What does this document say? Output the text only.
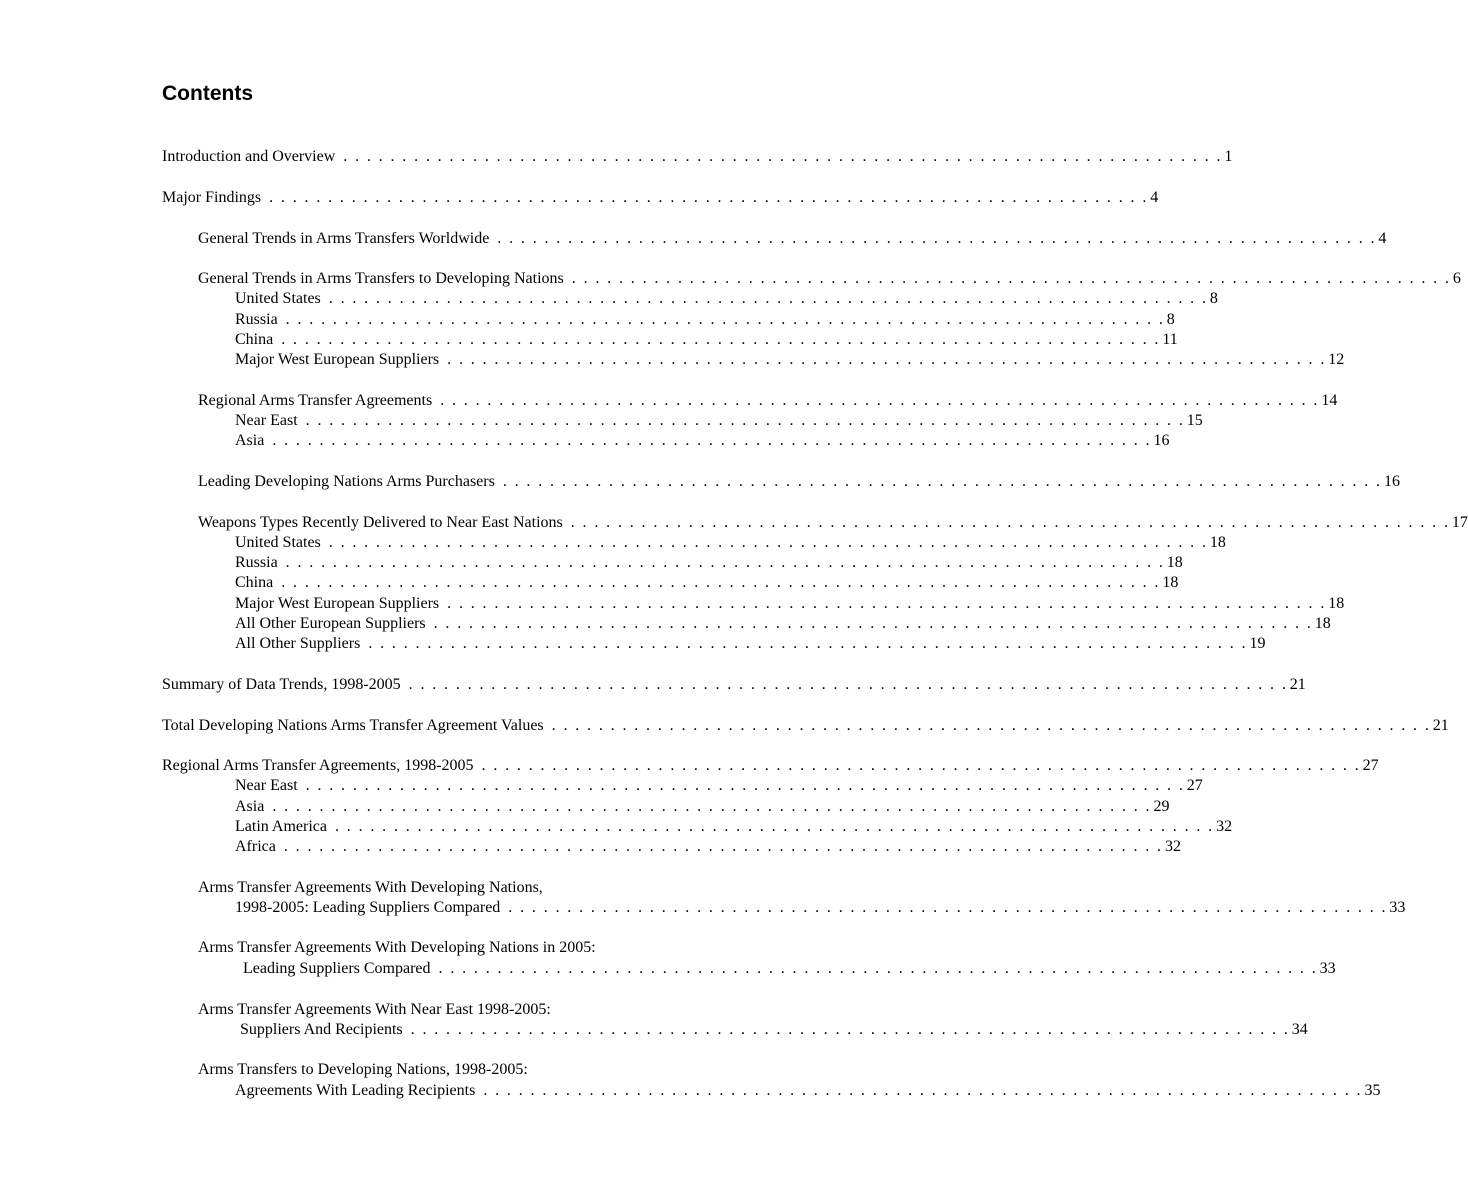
Contents
Introduction and Overview . . . . . . . . . . . . . . . . . . . . . . . . . . . . . . . . . . . . . . . . . . . . . . . . . . . . . . . . . . . . . . . . . . . . . . . . . . . 1
Major Findings . . . . . . . . . . . . . . . . . . . . . . . . . . . . . . . . . . . . . . . . . . . . . . . . . . . . . . . . . . . . . . . . . . . . . . . . . . . 4
General Trends in Arms Transfers Worldwide . . . . . . . . . . . . . . . . . . . . . . . . . . . . . . . . . . . . . . . . . . . . . . . . . . . . . . . . . . . . . . . . . . . . . . . . . . . 4
General Trends in Arms Transfers to Developing Nations . . . . . . . . . . . . . . . . . . . . . . . . . . . . . . . . . . . . . . . . . . . . . . . . . . . . . . . . . . . . . . . . . . . . . . . . . . . 6
United States . . . . . . . . . . . . . . . . . . . . . . . . . . . . . . . . . . . . . . . . . . . . . . . . . . . . . . . . . . . . . . . . . . . . . . . . . . . 8
Russia . . . . . . . . . . . . . . . . . . . . . . . . . . . . . . . . . . . . . . . . . . . . . . . . . . . . . . . . . . . . . . . . . . . . . . . . . . . 8
China . . . . . . . . . . . . . . . . . . . . . . . . . . . . . . . . . . . . . . . . . . . . . . . . . . . . . . . . . . . . . . . . . . . . . . . . . . . 11
Major West European Suppliers . . . . . . . . . . . . . . . . . . . . . . . . . . . . . . . . . . . . . . . . . . . . . . . . . . . . . . . . . . . . . . . . . . . . . . . . . . . 12
Regional Arms Transfer Agreements . . . . . . . . . . . . . . . . . . . . . . . . . . . . . . . . . . . . . . . . . . . . . . . . . . . . . . . . . . . . . . . . . . . . . . . . . . . 14
Near East . . . . . . . . . . . . . . . . . . . . . . . . . . . . . . . . . . . . . . . . . . . . . . . . . . . . . . . . . . . . . . . . . . . . . . . . . . . 15
Asia . . . . . . . . . . . . . . . . . . . . . . . . . . . . . . . . . . . . . . . . . . . . . . . . . . . . . . . . . . . . . . . . . . . . . . . . . . . 16
Leading Developing Nations Arms Purchasers . . . . . . . . . . . . . . . . . . . . . . . . . . . . . . . . . . . . . . . . . . . . . . . . . . . . . . . . . . . . . . . . . . . . . . . . . . . 16
Weapons Types Recently Delivered to Near East Nations . . . . . . . . . . . . . . . . . . . . . . . . . . . . . . . . . . . . . . . . . . . . . . . . . . . . . . . . . . . . . . . . . . . . . . . . . . . 17
United States . . . . . . . . . . . . . . . . . . . . . . . . . . . . . . . . . . . . . . . . . . . . . . . . . . . . . . . . . . . . . . . . . . . . . . . . . . . 18
Russia . . . . . . . . . . . . . . . . . . . . . . . . . . . . . . . . . . . . . . . . . . . . . . . . . . . . . . . . . . . . . . . . . . . . . . . . . . . 18
China . . . . . . . . . . . . . . . . . . . . . . . . . . . . . . . . . . . . . . . . . . . . . . . . . . . . . . . . . . . . . . . . . . . . . . . . . . . 18
Major West European Suppliers . . . . . . . . . . . . . . . . . . . . . . . . . . . . . . . . . . . . . . . . . . . . . . . . . . . . . . . . . . . . . . . . . . . . . . . . . . . 18
All Other European Suppliers . . . . . . . . . . . . . . . . . . . . . . . . . . . . . . . . . . . . . . . . . . . . . . . . . . . . . . . . . . . . . . . . . . . . . . . . . . . 18
All Other Suppliers . . . . . . . . . . . . . . . . . . . . . . . . . . . . . . . . . . . . . . . . . . . . . . . . . . . . . . . . . . . . . . . . . . . . . . . . . . . 19
Summary of Data Trends, 1998-2005 . . . . . . . . . . . . . . . . . . . . . . . . . . . . . . . . . . . . . . . . . . . . . . . . . . . . . . . . . . . . . . . . . . . . . . . . . . . 21
Total Developing Nations Arms Transfer Agreement Values . . . . . . . . . . . . . . . . . . . . . . . . . . . . . . . . . . . . . . . . . . . . . . . . . . . . . . . . . . . . . . . . . . . . . . . . . . . 21
Regional Arms Transfer Agreements, 1998-2005 . . . . . . . . . . . . . . . . . . . . . . . . . . . . . . . . . . . . . . . . . . . . . . . . . . . . . . . . . . . . . . . . . . . . . . . . . . . 27
Near East . . . . . . . . . . . . . . . . . . . . . . . . . . . . . . . . . . . . . . . . . . . . . . . . . . . . . . . . . . . . . . . . . . . . . . . . . . . 27
Asia . . . . . . . . . . . . . . . . . . . . . . . . . . . . . . . . . . . . . . . . . . . . . . . . . . . . . . . . . . . . . . . . . . . . . . . . . . . 29
Latin America . . . . . . . . . . . . . . . . . . . . . . . . . . . . . . . . . . . . . . . . . . . . . . . . . . . . . . . . . . . . . . . . . . . . . . . . . . . 32
Africa . . . . . . . . . . . . . . . . . . . . . . . . . . . . . . . . . . . . . . . . . . . . . . . . . . . . . . . . . . . . . . . . . . . . . . . . . . . 32
Arms Transfer Agreements With Developing Nations,
1998-2005: Leading Suppliers Compared . . . . . . . . . . . . . . . . . . . . . . . . . . . . . . . . . . . . . . . . . . . . . . . . . . . . . . . . . . . . . . . . . . . . . . . . . . . 33
Arms Transfer Agreements With Developing Nations in 2005:
Leading Suppliers Compared . . . . . . . . . . . . . . . . . . . . . . . . . . . . . . . . . . . . . . . . . . . . . . . . . . . . . . . . . . . . . . . . . . . . . . . . . . . 33
Arms Transfer Agreements With Near East 1998-2005:
Suppliers And Recipients . . . . . . . . . . . . . . . . . . . . . . . . . . . . . . . . . . . . . . . . . . . . . . . . . . . . . . . . . . . . . . . . . . . . . . . . . . . 34
Arms Transfers to Developing Nations, 1998-2005:
Agreements With Leading Recipients . . . . . . . . . . . . . . . . . . . . . . . . . . . . . . . . . . . . . . . . . . . . . . . . . . . . . . . . . . . . . . . . . . . . . . . . . . . 35
